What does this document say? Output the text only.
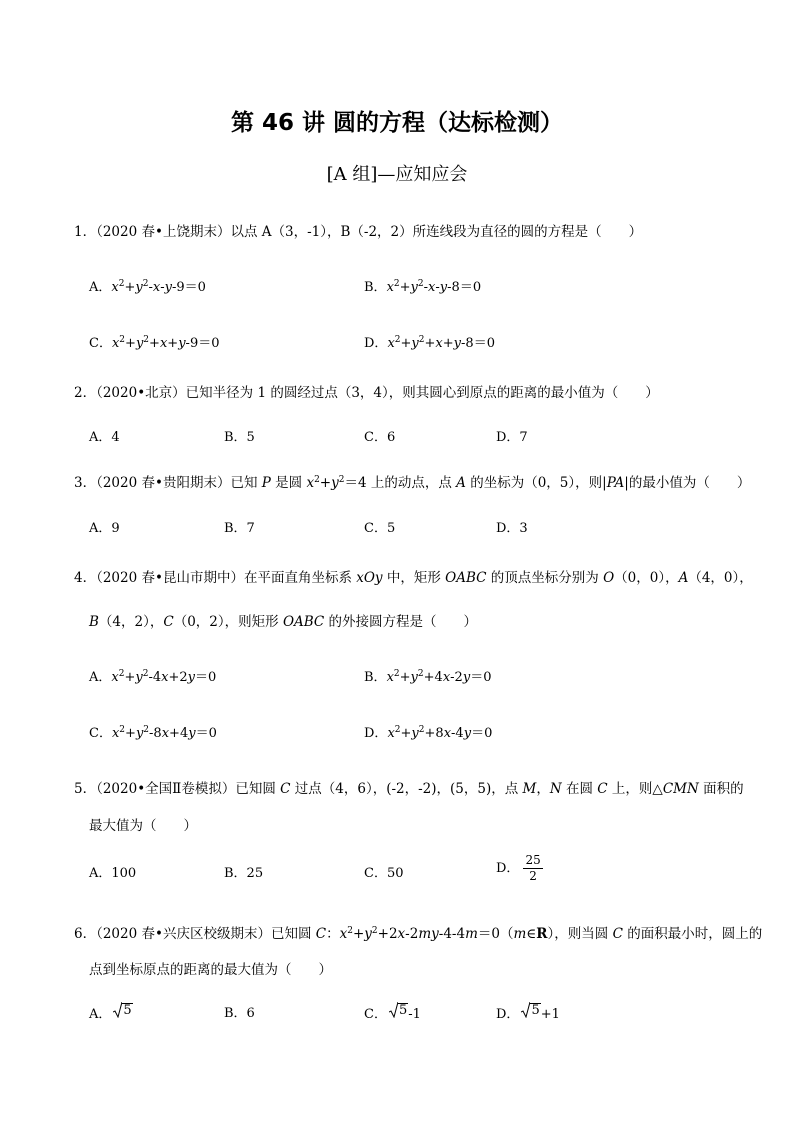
第 46 讲 圆的方程（达标检测）
[A 组]—应知应会
1．（2020 春•上饶期末）以点 A（3，-1），B（-2，2）所连线段为直径的圆的方程是（　　）
A．$x^2+y^2-x-y-9=0$	B．$x^2+y^2-x-y-8=0$
C．$x^2+y^2+x+y-9=0$	D．$x^2+y^2+x+y-8=0$
2．（2020•北京）已知半径为 1 的圆经过点（3，4），则其圆心到原点的距离的最小值为（　　）
A．4	B．5	C．6	D．7
3．（2020 春•贵阳期末）已知 P 是圆 $x^2+y^2=4$ 上的动点，点 A 的坐标为（0，5），则|PA|的最小值为（　　）
A．9	B．7	C．5	D．3
4．（2020 春•昆山市期中）在平面直角坐标系 xOy 中，矩形 OABC 的顶点坐标分别为 O（0，0），A（4，0），
B（4，2），C（0，2），则矩形 OABC 的外接圆方程是（　　）
A．$x^2+y^2-4x+2y=0$	B．$x^2+y^2+4x-2y=0$
C．$x^2+y^2-8x+4y=0$	D．$x^2+y^2+8x-4y=0$
5．（2020•全国Ⅱ卷模拟）已知圆 C 过点（4，6），(-2，-2)，(5，5)，点 M，N 在圆 C 上，则△CMN 面积的
最大值为（　　）
A．100	B．25	C．50	D． $\frac{25}{2}$
6．（2020 春•兴庆区校级期末）已知圆 C：$x^2+y^2+2x-2my-4-4m=0(m\in R)$，则当圆 C 的面积最小时，圆上的
点到坐标原点的距离的最大值为（　　）
A． 5	B．6	C． 5 -1	D． 5 +1
